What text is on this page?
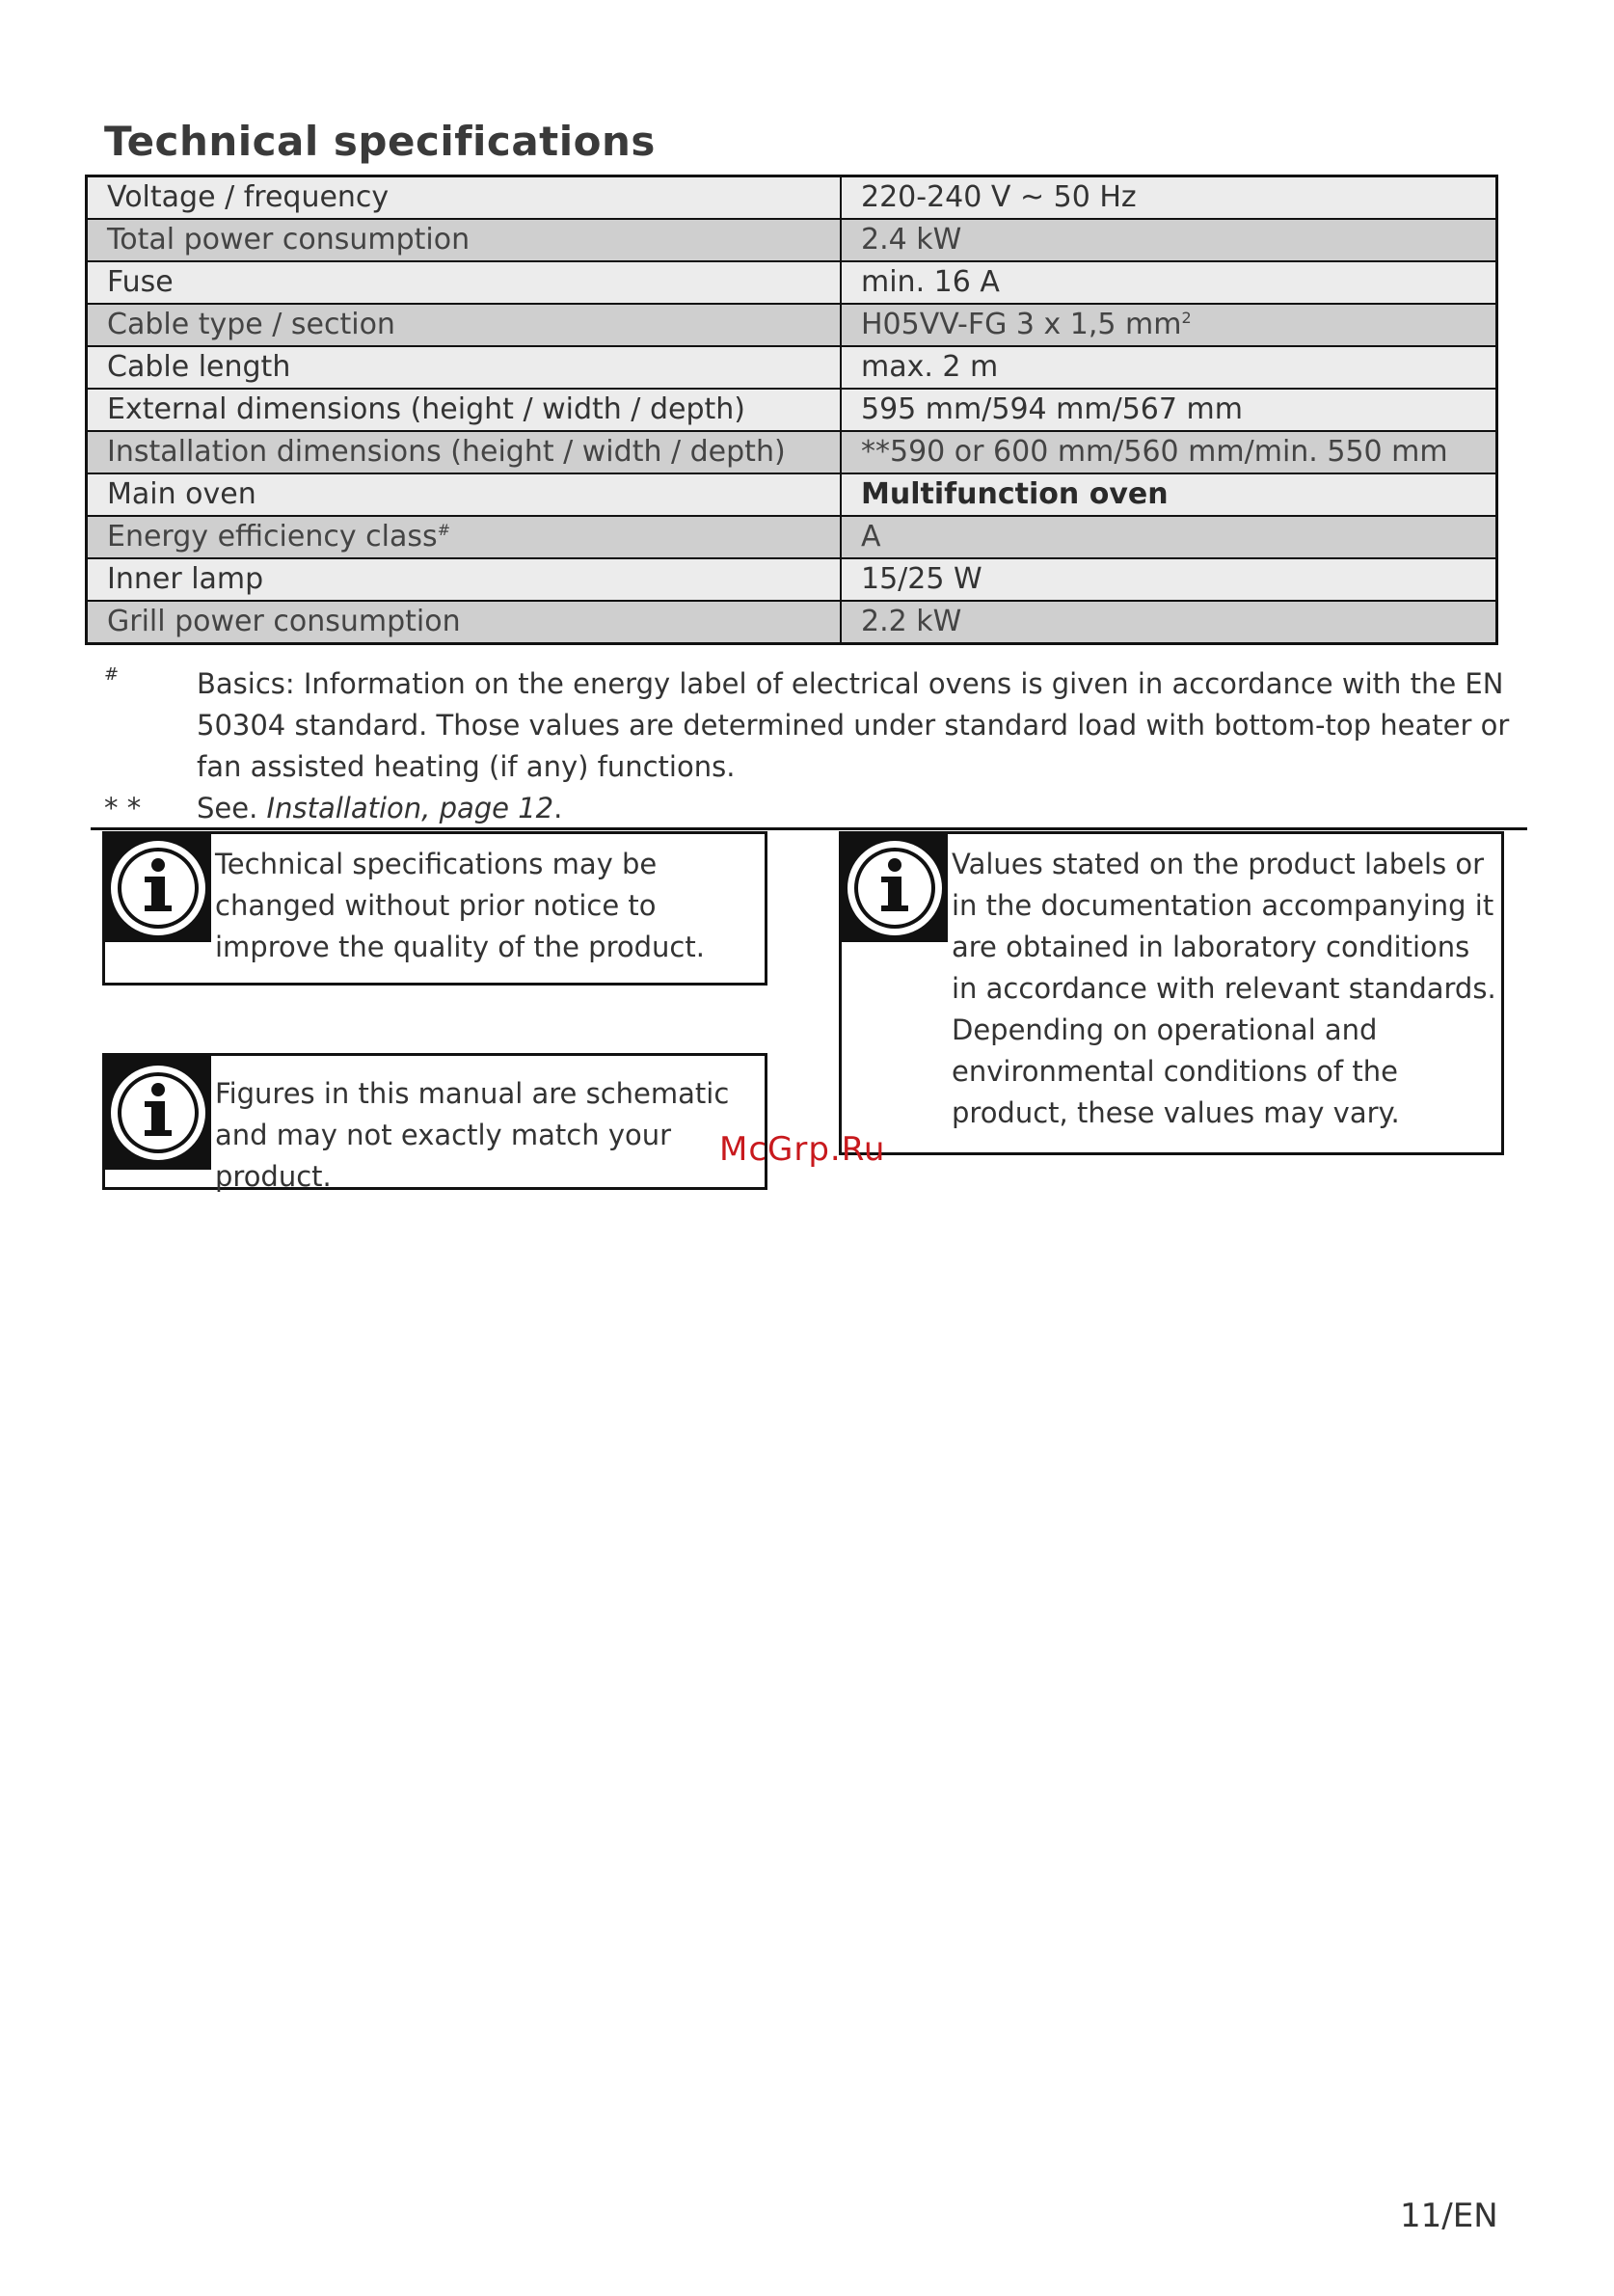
Technical specifications
Voltage / frequency	220-240 V ~ 50 Hz
Total power consumption	2.4 kW
Fuse	min. 16 A
Cable type / section	H05VV-FG 3 x 1,5 $mm^2$
Cable length	max. 2 m
External dimensions (height / width / depth)	595 mm/594 mm/567 mm
Installation dimensions (height / width / depth)	**590 or 600 mm/560 mm/min. 550 mm
Main oven	Multifunction oven
Energy efficiency class#	A
Inner lamp	15/25 W
Grill power consumption	2.2 kW
#	Basics: Information on the energy label of electrical ovens is given in accordance with the EN 50304 standard. Those values are determined under standard load with bottom-top heater or fan assisted heating (if any) functions.
* *	See. Installation, page 12.
Technical specifications may be changed without prior notice to improve the quality of the product.
Figures in this manual are schematic and may not exactly match your product.
Values stated on the product labels or in the documentation accompanying it are obtained in laboratory conditions in accordance with relevant standards. Depending on operational and environmental conditions of the product, these values may vary.
McGrp.Ru
11/EN
